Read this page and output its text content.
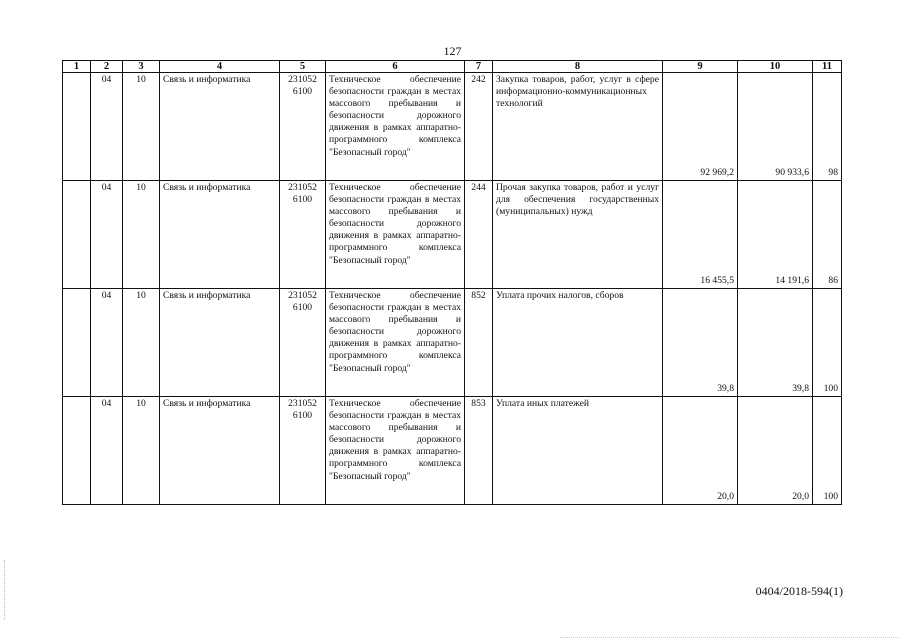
127
1	2	3	4	5	6	7	8	9	10	11
	04	10	Связь и информатика	231052 6100	Техническое обеспечение безопасности граждан в местах массового пребывания и безопасности дорожного движения в рамках аппаратно-программного комплекса "Безопасный город"	242	Закупка товаров, работ, услуг в сфере информационно-коммуникационных технологий	92 969,2	90 933,6	98
	04	10	Связь и информатика	231052 6100	Техническое обеспечение безопасности граждан в местах массового пребывания и безопасности дорожного движения в рамках аппаратно-программного комплекса "Безопасный город"	244	Прочая закупка товаров, работ и услуг для обеспечения государственных (муниципальных) нужд	16 455,5	14 191,6	86
	04	10	Связь и информатика	231052 6100	Техническое обеспечение безопасности граждан в местах массового пребывания и безопасности дорожного движения в рамках аппаратно-программного комплекса "Безопасный город"	852	Уплата прочих налогов, сборов	39,8	39,8	100
	04	10	Связь и информатика	231052 6100	Техническое обеспечение безопасности граждан в местах массового пребывания и безопасности дорожного движения в рамках аппаратно-программного комплекса "Безопасный город"	853	Уплата иных платежей	20,0	20,0	100
0404/2018-594(1)
